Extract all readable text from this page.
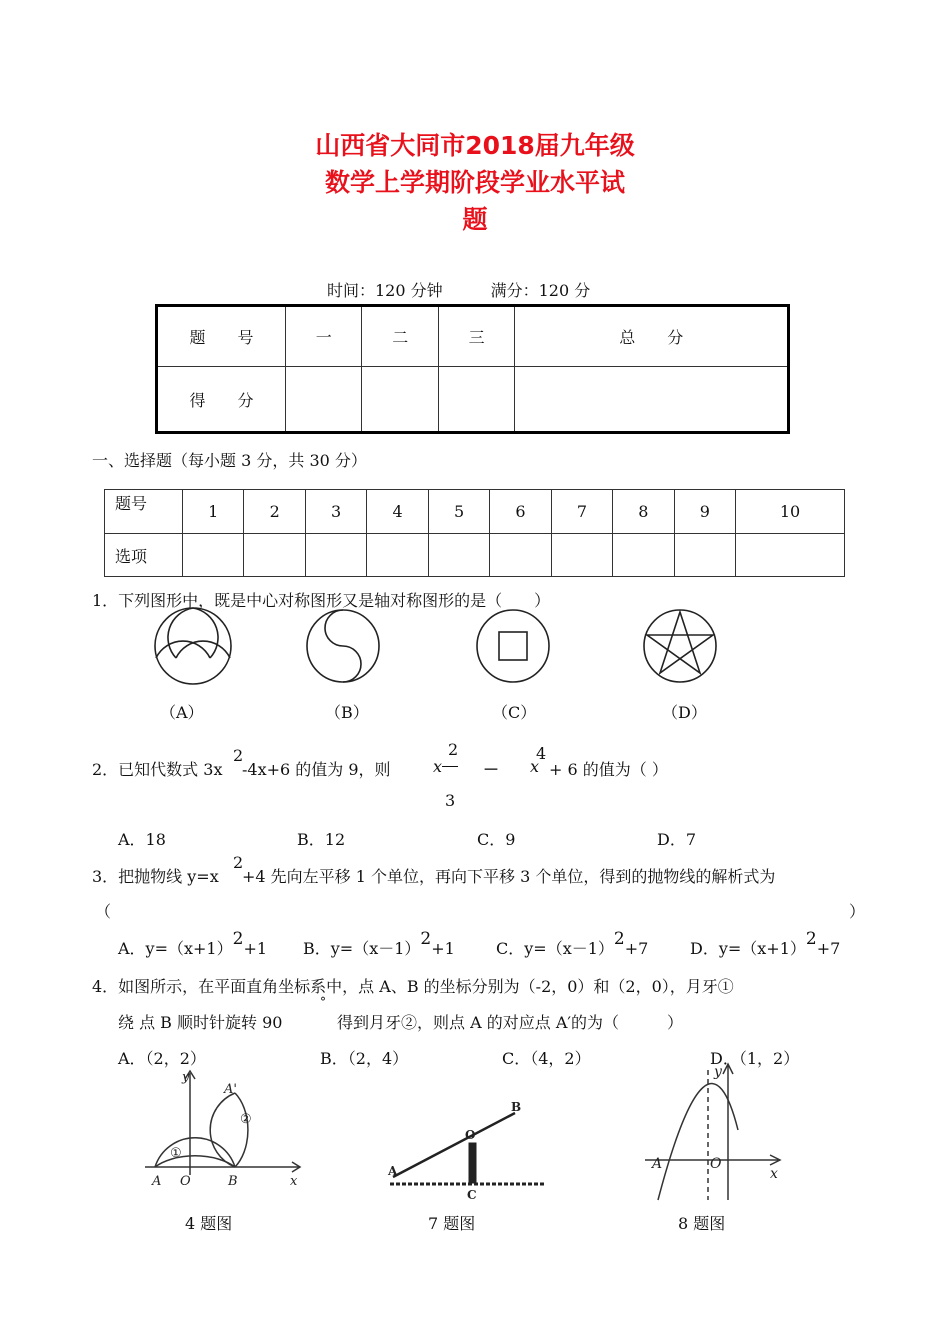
山西省大同市2018届九年级
数学上学期阶段学业水平试
题
时间：120 分钟　　　满分：120 分
题　　号	一	二	三	总　　分
得　　分				
一、选择题（每小题 3 分，共 30 分）
题号	1	2	3	4	5	6	7	8	9	10
选项										
1．下列图形中，既是中心对称图形又是轴对称图形的是（　　）
（A）	（B）	（C）	（D）
2．已知代数式 3x
2
-4x+6 的值为 9，则	x
2
－
4
x + 6 的值为（ ）
3
A．18	B．12	C．9	D．7
3．把抛物线 y=x
2
+4 先向左平移 1 个单位，再向下平移 3 个单位，得到的抛物线的解析式为
（	）
A．y=（x+1）2+1 B．y=（x－1）2+1	C．y=（x－1）2+7	D．y=（x+1）2+7
4．如图所示，在平面直角坐标系中，点 A、B 的坐标分别为（-2，0）和（2，0），月牙①
绕 点 B 顺时针旋转 90
°
得到月牙②，则点 A 的对应点 A′的为（　　　）
A．（2，2）	B．（2，4）	C．（4，2）	D．（1，2）
y
x
A O	B
A'
①
②
4 题图
A
O
B
C
7 题图
y
x
A	O
8 题图
